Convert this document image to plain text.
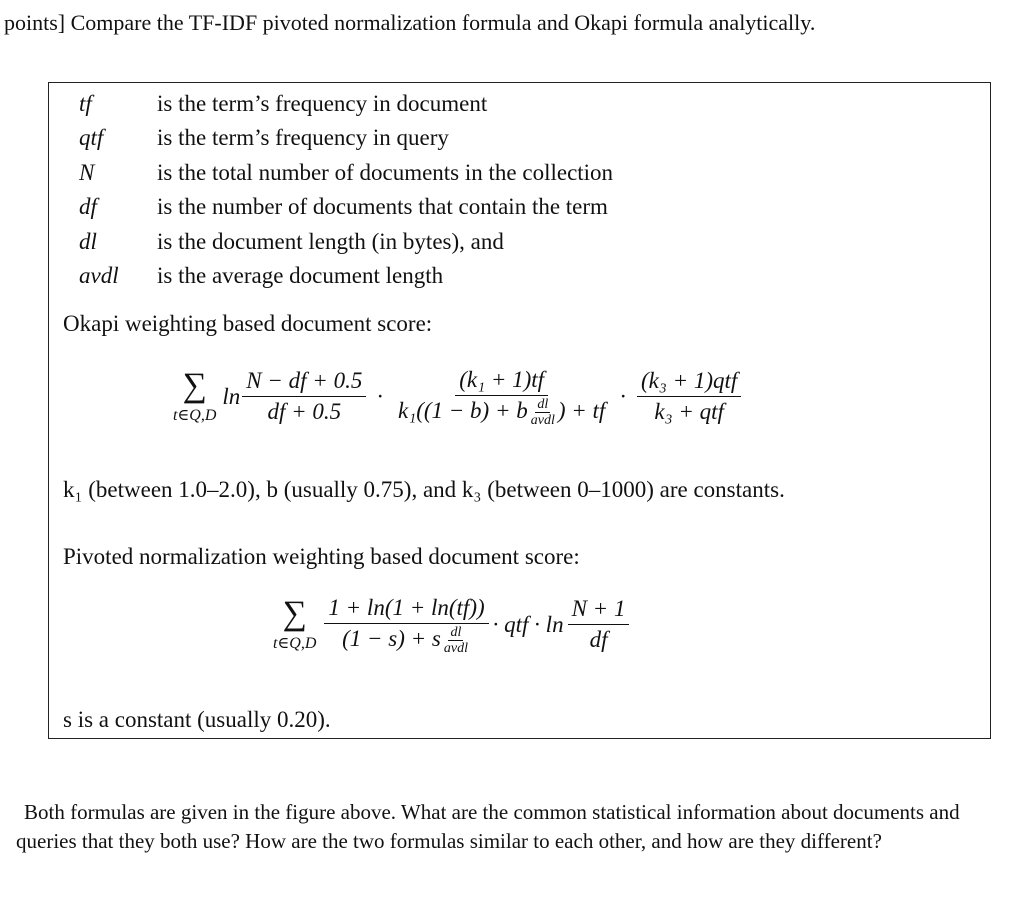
points] Compare the TF-IDF pivoted normalization formula and Okapi formula analytically.
tf	is the term’s frequency in document
qtf is the term’s frequency in query
N	is the total number of documents in the collection
df	is the number of documents that contain the term
dl	is the document length (in bytes), and
avdl is the average document length
Okapi weighting based document score:
∑
t∈Q,D
$\ln \frac{N - df + 0.5}{df + 0.5} \cdot \frac{\text{(k₁ + 1)tf}}{k_1((1 - b) + b \frac{dl}{\text{avdl}} ) + tf} \cdot \frac{\text{(k₃ + 1)qtf}}{\text{k₃ + qtf}}$
k₁ (between 1.0–2.0), b (usually 0.75), and k₃ (between 0–1000) are constants.
Pivoted normalization weighting based document score:
∑
t∈Q,D $\frac{1 + \ln(1 + \ln(tf))}{(1 - s) + s \frac{dl}{\text{avdl}}}$ · qtf · $\ln \frac{N + 1}{df}$
s is a constant (usually 0.20).
Both formulas are given in the figure above. What are the common statistical information about documents and queries that they both use? How are the two formulas similar to each other, and how are they different?
